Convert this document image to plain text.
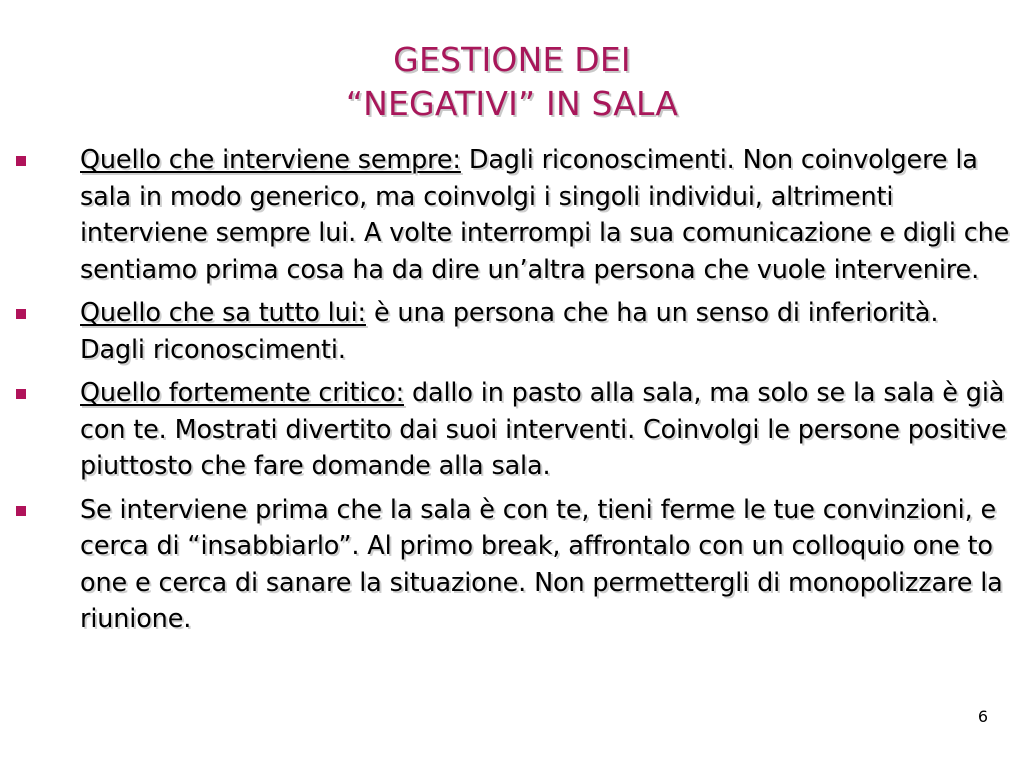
GESTIONE DEI
“NEGATIVI” IN SALA
Quello che interviene sempre: Dagli riconoscimenti. Non coinvolgere la sala in modo generico, ma coinvolgi i singoli individui, altrimenti interviene sempre lui. A volte interrompi la sua comunicazione e digli che sentiamo prima cosa ha da dire un’altra persona che vuole intervenire.
Quello che sa tutto lui: è una persona che ha un senso di inferiorità. Dagli riconoscimenti.
Quello fortemente critico: dallo in pasto alla sala, ma solo se la sala è già con te. Mostrati divertito dai suoi interventi. Coinvolgi le persone positive piuttosto che fare domande alla sala.
Se interviene prima che la sala è con te, tieni ferme le tue convinzioni, e cerca di “insabbiarlo”. Al primo break, affrontalo con un colloquio one to one e cerca di sanare la situazione. Non permettergli di monopolizzare la riunione.
6
